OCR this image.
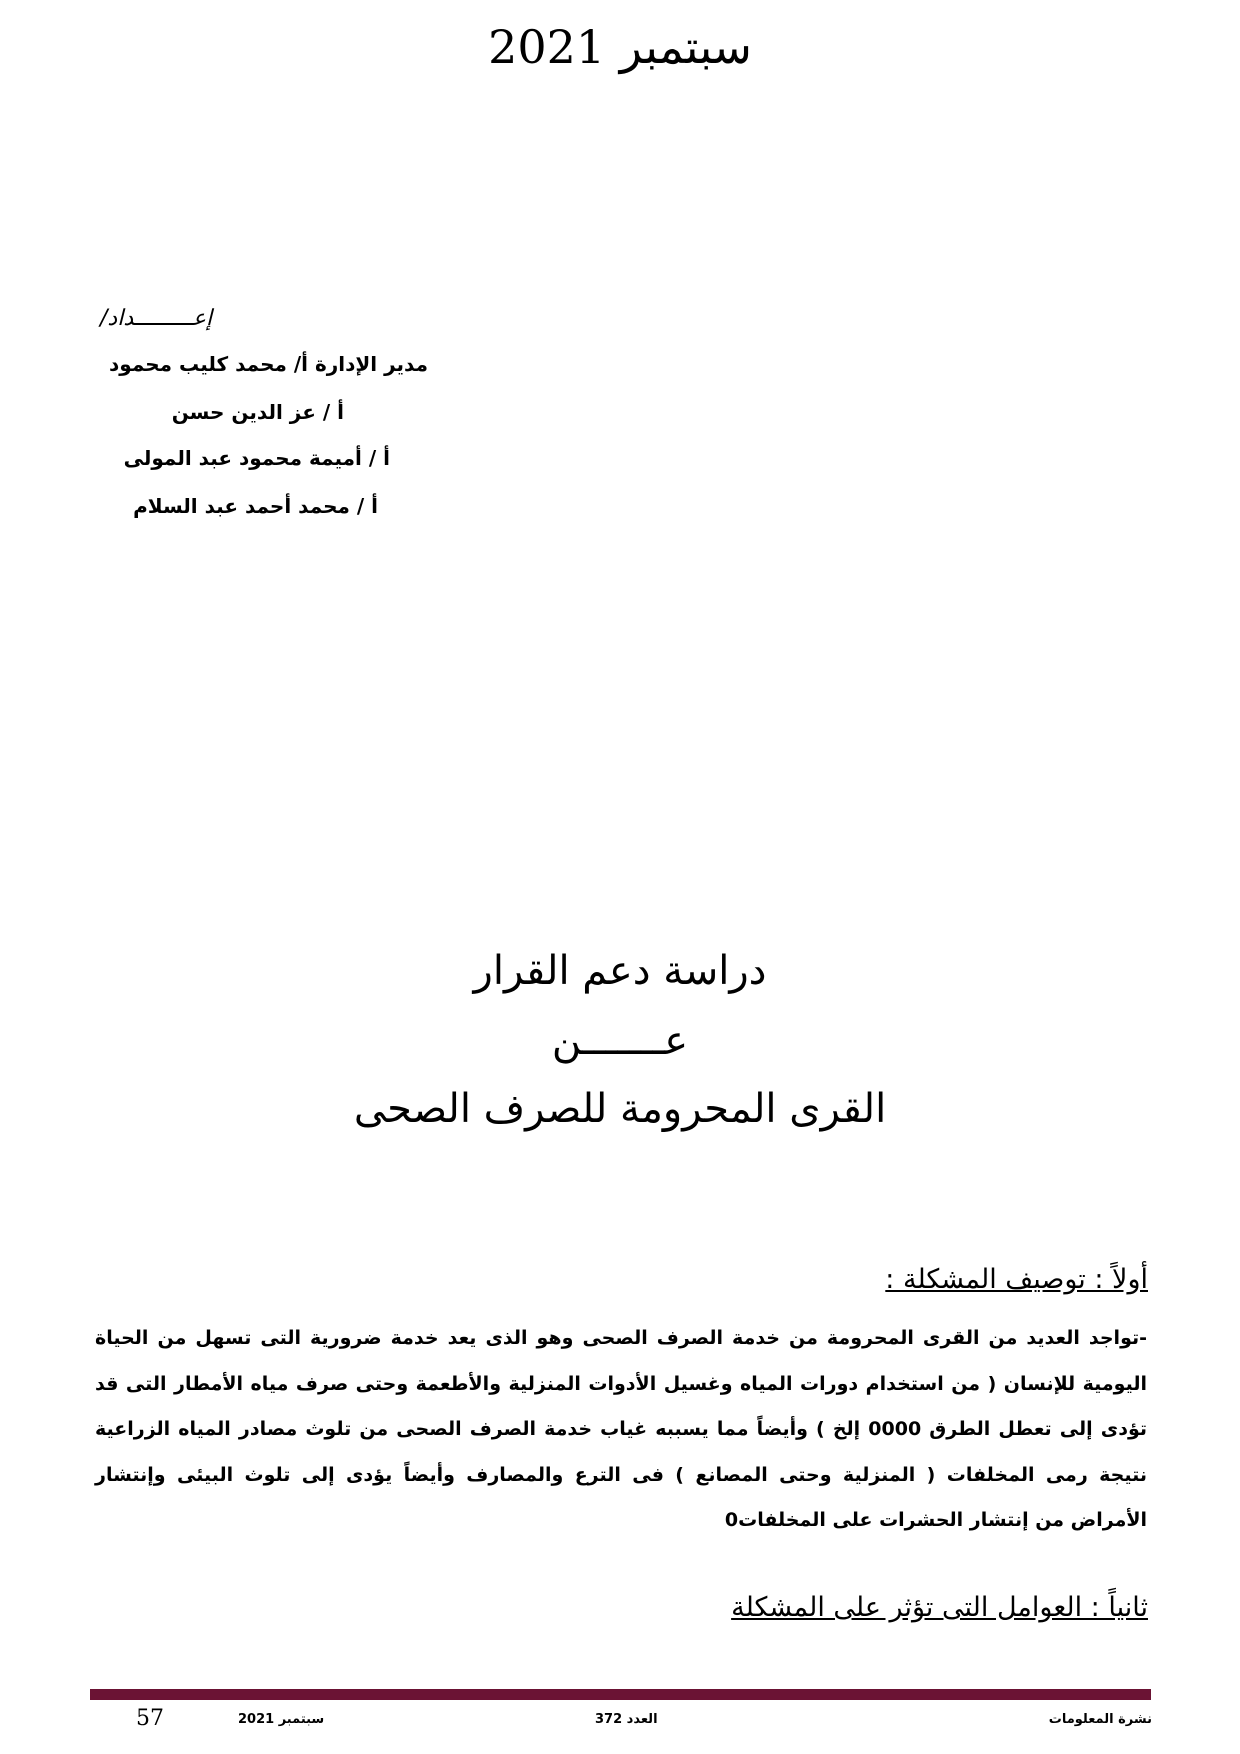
سبتمبر 2021
إعـــــــــداد/
مدير الإدارة أ/ محمد كليب محمود
أ / عز الدين حسن
أ / أميمة محمود عبد المولى
أ / محمد أحمد عبد السلام
دراسة دعم القرار
عـــــــن
القرى المحرومة للصرف الصحى
أولاً : توصيف المشكلة :
-تواجد العديد من القرى المحرومة من خدمة الصرف الصحى وهو الذى يعد خدمة ضرورية التى تسهل من الحياة اليومية للإنسان ( من استخدام دورات المياه وغسيل الأدوات المنزلية والأطعمة وحتى صرف مياه الأمطار التى قد تؤدى إلى تعطل الطرق 0000 إلخ ) وأيضاً مما يسببه غياب خدمة الصرف الصحى من تلوث مصادر المياه الزراعية نتيجة رمى المخلفات ( المنزلية وحتى المصانع ) فى الترع والمصارف وأيضاً يؤدى إلى تلوث البيئى وإنتشار الأمراض من إنتشار الحشرات على المخلفات0
ثانياً : العوامل التى تؤثر على المشكلة
57	سبتمبر 2021	العدد 372	نشرة المعلومات
